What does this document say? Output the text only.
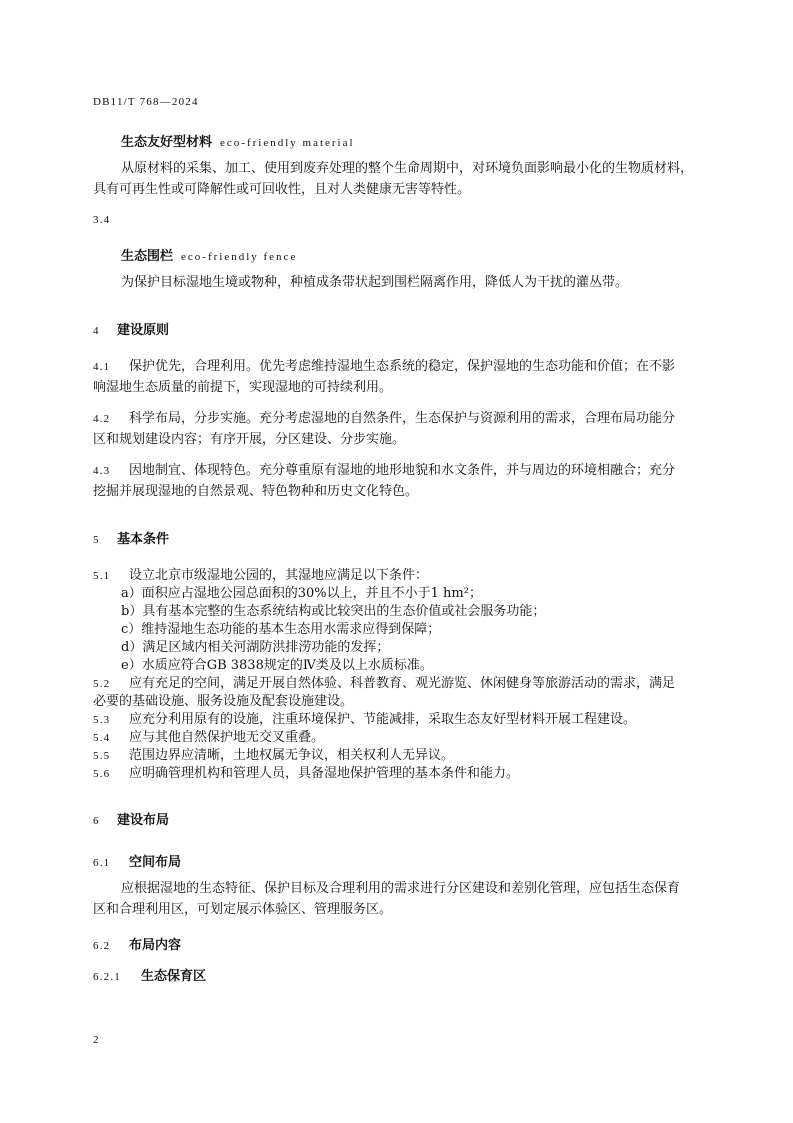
DB11/T 768—2024
生态友好型材料 eco-friendly material
从原材料的采集、加工、使用到废弃处理的整个生命周期中，对环境负面影响最小化的生物质材料，
具有可再生性或可降解性或可回收性，且对人类健康无害等特性。
3.4
生态围栏 eco-friendly fence
为保护目标湿地生境或物种，种植成条带状起到围栏隔离作用，降低人为干扰的灌丛带。
4 建设原则
4.1 保护优先，合理利用。优先考虑维持湿地生态系统的稳定，保护湿地的生态功能和价值；在不影
响湿地生态质量的前提下，实现湿地的可持续利用。
4.2 科学布局，分步实施。充分考虑湿地的自然条件，生态保护与资源利用的需求，合理布局功能分
区和规划建设内容；有序开展，分区建设、分步实施。
4.3 因地制宜、体现特色。充分尊重原有湿地的地形地貌和水文条件，并与周边的环境相融合；充分
挖掘并展现湿地的自然景观、特色物种和历史文化特色。
5 基本条件
5.1 设立北京市级湿地公园的，其湿地应满足以下条件：
a）面积应占湿地公园总面积的30%以上，并且不小于1 hm²；
b）具有基本完整的生态系统结构或比较突出的生态价值或社会服务功能；
c）维持湿地生态功能的基本生态用水需求应得到保障；
d）满足区域内相关河湖防洪排涝功能的发挥；
e）水质应符合GB 3838规定的Ⅳ类及以上水质标准。
5.2 应有充足的空间，满足开展自然体验、科普教育、观光游览、休闲健身等旅游活动的需求，满足
必要的基础设施、服务设施及配套设施建设。
5.3 应充分利用原有的设施，注重环境保护、节能减排，采取生态友好型材料开展工程建设。
5.4 应与其他自然保护地无交叉重叠。
5.5 范围边界应清晰，土地权属无争议，相关权利人无异议。
5.6 应明确管理机构和管理人员，具备湿地保护管理的基本条件和能力。
6 建设布局
6.1 空间布局
应根据湿地的生态特征、保护目标及合理利用的需求进行分区建设和差别化管理，应包括生态保育
区和合理利用区，可划定展示体验区、管理服务区。
6.2 布局内容
6.2.1 生态保育区
2
